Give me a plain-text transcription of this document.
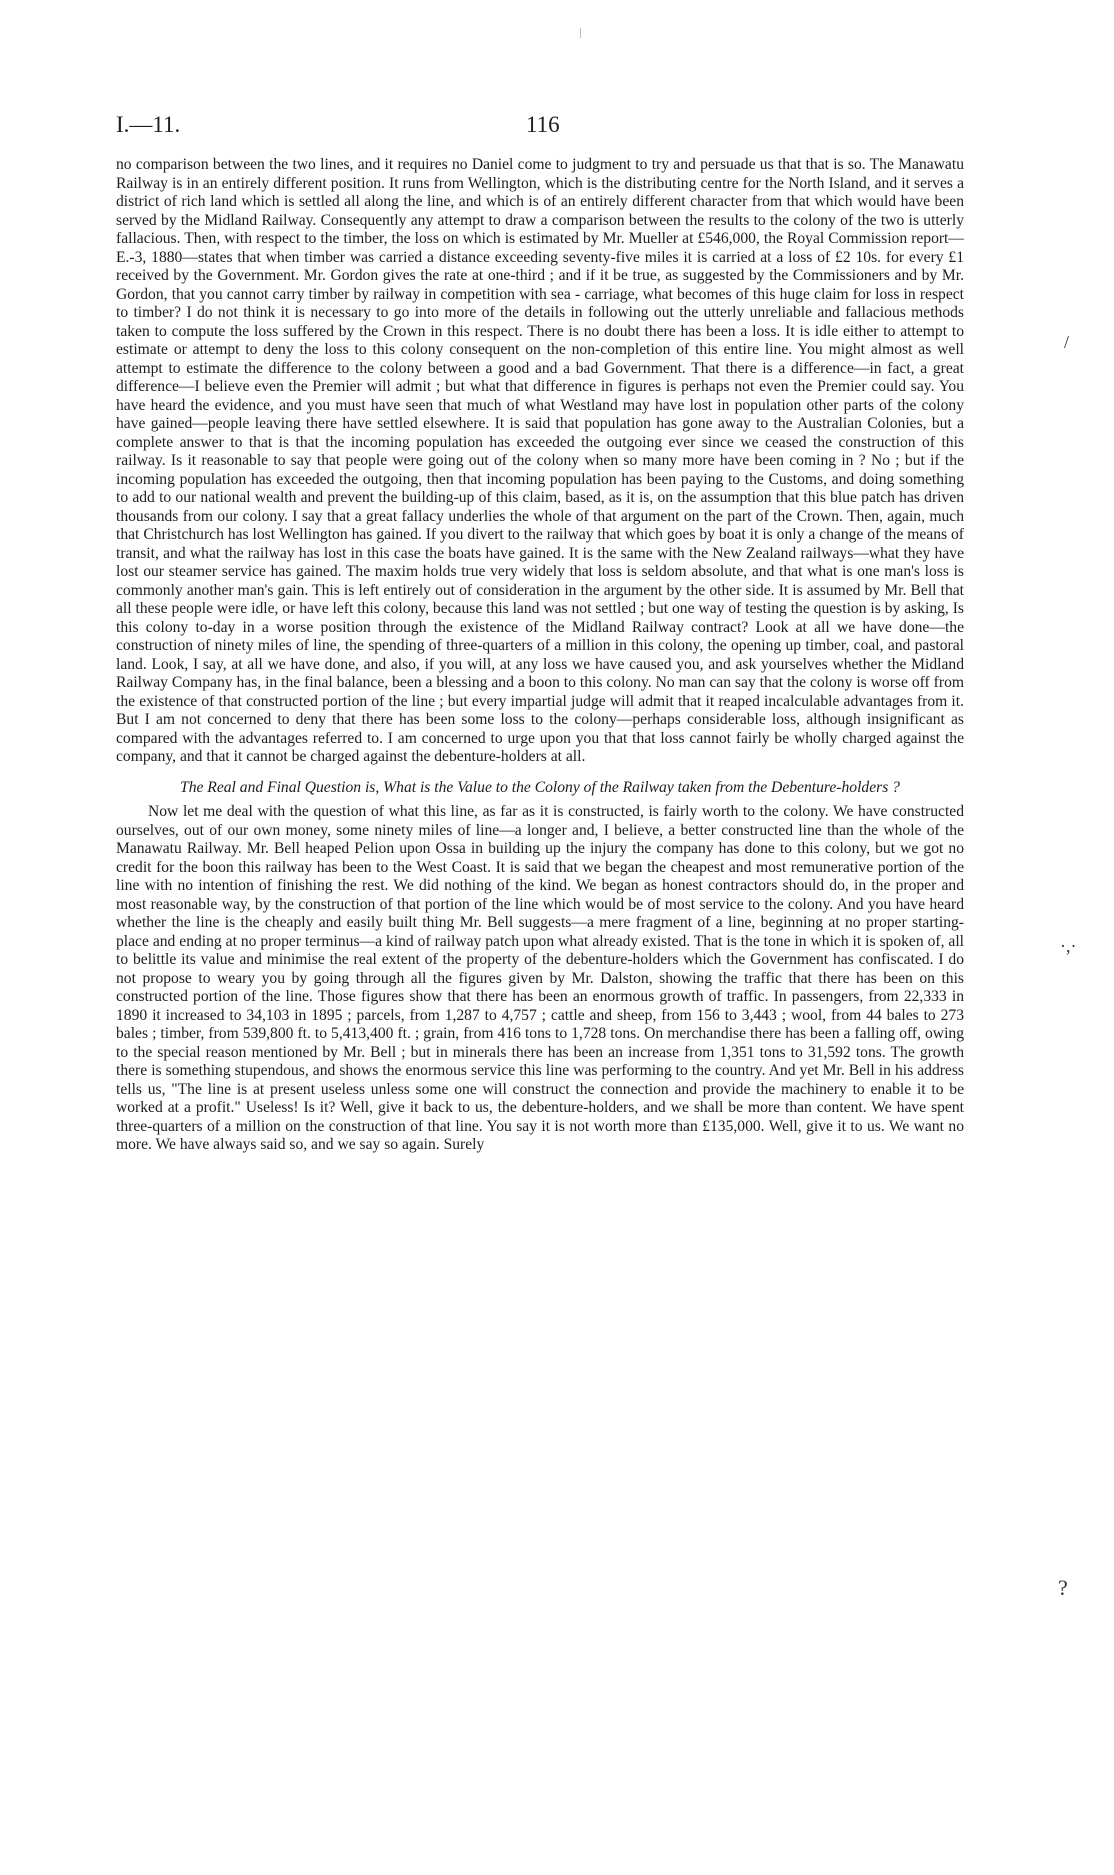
I.—11.	116

no comparison between the two lines, and it requires no Daniel come to judgment to try and persuade us that that is so. The Manawatu Railway is in an entirely different position. It runs from Wellington, which is the distributing centre for the North Island, and it serves a district of rich land which is settled all along the line, and which is of an entirely different character from that which would have been served by the Midland Railway. Consequently any attempt to draw a comparison between the results to the colony of the two is utterly fallacious. Then, with respect to the timber, the loss on which is estimated by Mr. Mueller at £546,000, the Royal Commission report—E.-3, 1880—states that when timber was carried a distance exceeding seventy-five miles it is carried at a loss of £2 10s. for every £1 received by the Government. Mr. Gordon gives the rate at one-third ; and if it be true, as suggested by the Commissioners and by Mr. Gordon, that you cannot carry timber by railway in competition with sea - carriage, what becomes of this huge claim for loss in respect to timber? I do not think it is necessary to go into more of the details in following out the utterly unreliable and fallacious methods taken to compute the loss suffered by the Crown in this respect. There is no doubt there has been a loss. It is idle either to attempt to estimate or attempt to deny the loss to this colony consequent on the non-completion of this entire line. You might almost as well attempt to estimate the difference to the colony between a good and a bad Government. That there is a difference—in fact, a great difference—I believe even the Premier will admit ; but what that difference in figures is perhaps not even the Premier could say. You have heard the evidence, and you must have seen that much of what Westland may have lost in population other parts of the colony have gained—people leaving there have settled elsewhere. It is said that population has gone away to the Australian Colonies, but a complete answer to that is that the incoming population has exceeded the outgoing ever since we ceased the construction of this railway. Is it reasonable to say that people were going out of the colony when so many more have been coming in ? No ; but if the incoming population has exceeded the outgoing, then that incoming population has been paying to the Customs, and doing something to add to our national wealth and prevent the building-up of this claim, based, as it is, on the assumption that this blue patch has driven thousands from our colony. I say that a great fallacy underlies the whole of that argument on the part of the Crown. Then, again, much that Christchurch has lost Wellington has gained. If you divert to the railway that which goes by boat it is only a change of the means of transit, and what the railway has lost in this case the boats have gained. It is the same with the New Zealand railways—what they have lost our steamer service has gained. The maxim holds true very widely that loss is seldom absolute, and that what is one man's loss is commonly another man's gain. This is left entirely out of consideration in the argument by the other side. It is assumed by Mr. Bell that all these people were idle, or have left this colony, because this land was not settled ; but one way of testing the question is by asking, Is this colony to-day in a worse position through the existence of the Midland Railway contract? Look at all we have done—the construction of ninety miles of line, the spending of three-quarters of a million in this colony, the opening up timber, coal, and pastoral land. Look, I say, at all we have done, and also, if you will, at any loss we have caused you, and ask yourselves whether the Midland Railway Company has, in the final balance, been a blessing and a boon to this colony. No man can say that the colony is worse off from the existence of that constructed portion of the line ; but every impartial judge will admit that it reaped incalculable advantages from it. But I am not concerned to deny that there has been some loss to the colony—perhaps considerable loss, although insignificant as compared with the advantages referred to. I am concerned to urge upon you that that loss cannot fairly be wholly charged against the company, and that it cannot be charged against the debenture-holders at all.

The Real and Final Question is, What is the Value to the Colony of the Railway taken from the Debenture-holders ?

Now let me deal with the question of what this line, as far as it is constructed, is fairly worth to the colony. We have constructed ourselves, out of our own money, some ninety miles of line—a longer and, I believe, a better constructed line than the whole of the Manawatu Railway. Mr. Bell heaped Pelion upon Ossa in building up the injury the company has done to this colony, but we got no credit for the boon this railway has been to the West Coast. It is said that we began the cheapest and most remunerative portion of the line with no intention of finishing the rest. We did nothing of the kind. We began as honest contractors should do, in the proper and most reasonable way, by the construction of that portion of the line which would be of most service to the colony. And you have heard whether the line is the cheaply and easily built thing Mr. Bell suggests—a mere fragment of a line, beginning at no proper starting-place and ending at no proper terminus—a kind of railway patch upon what already existed. That is the tone in which it is spoken of, all to belittle its value and minimise the real extent of the property of the debenture-holders which the Government has confiscated. I do not propose to weary you by going through all the figures given by Mr. Dalston, showing the traffic that there has been on this constructed portion of the line. Those figures show that there has been an enormous growth of traffic. In passengers, from 22,333 in 1890 it increased to 34,103 in 1895 ; parcels, from 1,287 to 4,757 ; cattle and sheep, from 156 to 3,443 ; wool, from 44 bales to 273 bales ; timber, from 539,800 ft. to 5,413,400 ft. ; grain, from 416 tons to 1,728 tons. On merchandise there has been a falling off, owing to the special reason mentioned by Mr. Bell ; but in minerals there has been an increase from 1,351 tons to 31,592 tons. The growth there is something stupendous, and shows the enormous service this line was performing to the country. And yet Mr. Bell in his address tells us, "The line is at present useless unless some one will construct the connection and provide the machinery to enable it to be worked at a profit." Useless! Is it? Well, give it back to us, the debenture-holders, and we shall be more than content. We have spent three-quarters of a million on the construction of that line. You say it is not worth more than £135,000. Well, give it to us. We want no more. We have always said so, and we say so again. Surely

/
·,·
?
